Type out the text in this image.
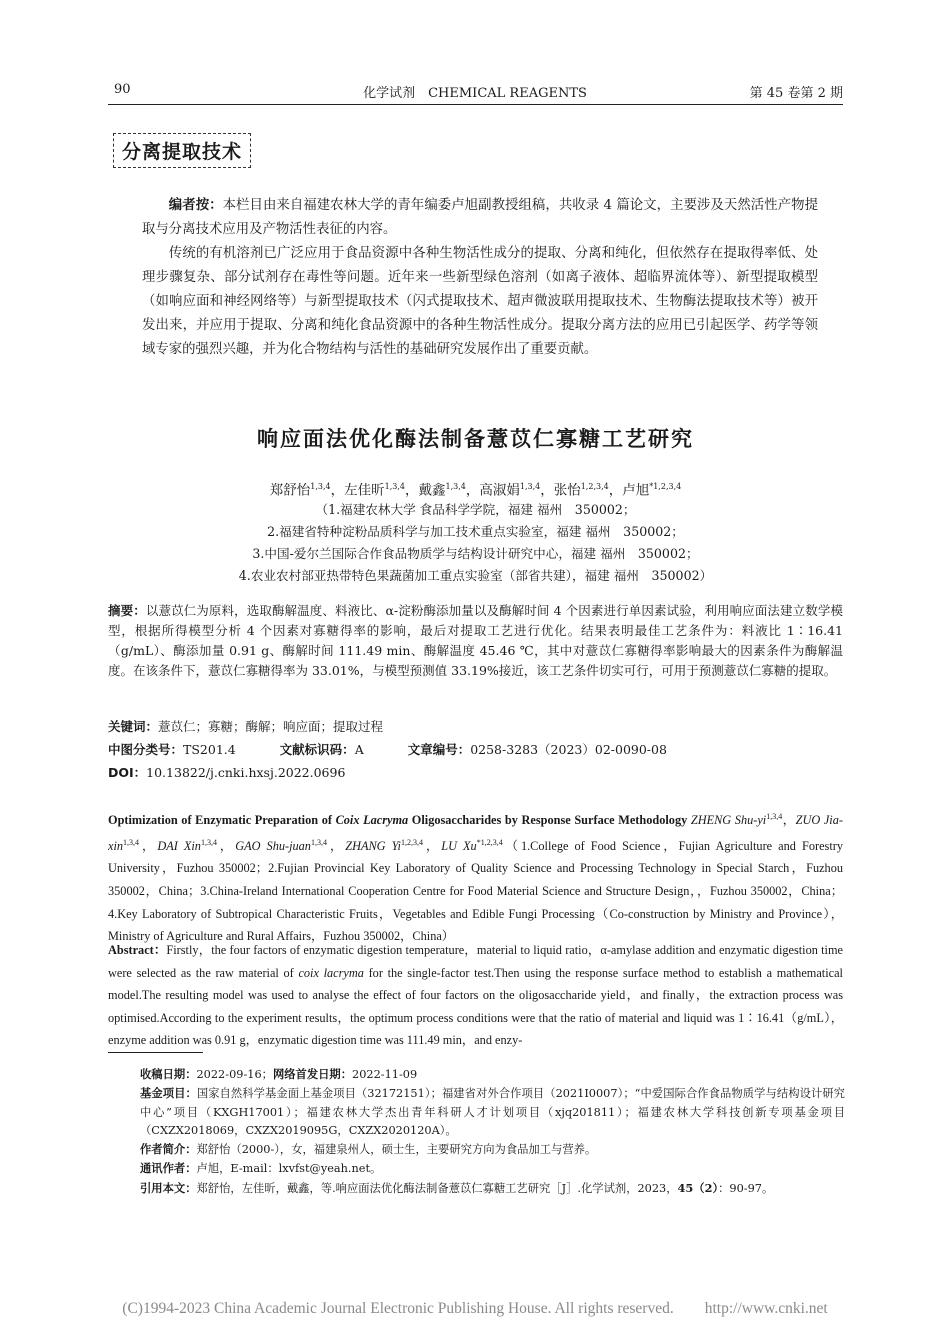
90	化学试剂　CHEMICAL REAGENTS	第 45 卷第 2 期
分离提取技术

编者按：本栏目由来自福建农林大学的青年编委卢旭副教授组稿，共收录 4 篇论文，主要涉及天然活性产物提取与分离技术应用及产物活性表征的内容。

传统的有机溶剂已广泛应用于食品资源中各种生物活性成分的提取、分离和纯化，但依然存在提取得率低、处理步骤复杂、部分试剂存在毒性等问题。近年来一些新型绿色溶剂（如离子液体、超临界流体等）、新型提取模型（如响应面和神经网络等）与新型提取技术（闪式提取技术、超声微波联用提取技术、生物酶法提取技术等）被开发出来，并应用于提取、分离和纯化食品资源中的各种生物活性成分。提取分离方法的应用已引起医学、药学等领域专家的强烈兴趣，并为化合物结构与活性的基础研究发展作出了重要贡献。

响应面法优化酶法制备薏苡仁寡糖工艺研究
郑舒怡$^{1,3,4}$，左佳昕$^{1,3,4}$，戴鑫$^{1,3,4}$，高淑娟$^{1,3,4}$，张怡$^{1,2,3,4}$，卢旭$^{*1,2,3,4}$
（1.福建农林大学 食品科学学院，福建 福州　350002；
2.福建省特种淀粉品质科学与加工技术重点实验室，福建 福州　350002；
3.中国-爱尔兰国际合作食品物质学与结构设计研究中心，福建 福州　350002；
4.农业农村部亚热带特色果蔬菌加工重点实验室（部省共建），福建 福州　350002）
摘要：以薏苡仁为原料，选取酶解温度、料液比、α-淀粉酶添加量以及酶解时间 4 个因素进行单因素试验，利用响应面法建立数学模型，根据所得模型分析 4 个因素对寡糖得率的影响，最后对提取工艺进行优化。结果表明最佳工艺条件为：料液比 1∶16.41（g/mL）、酶添加量 0.91 g、酶解时间 111.49 min、酶解温度 45.46 ℃，其中对薏苡仁寡糖得率影响最大的因素条件为酶解温度。在该条件下，薏苡仁寡糖得率为 33.01%，与模型预测值 33.19%接近，该工艺条件切实可行，可用于预测薏苡仁寡糖的提取。
关键词：薏苡仁；寡糖；酶解；响应面；提取过程
中图分类号：TS201.4	文献标识码：A	文章编号：0258-3283（2023）02-0090-08
DOI：10.13822/j.cnki.hxsj.2022.0696
Optimization of Enzymatic Preparation of Coix Lacryma Oligosaccharides by Response Surface Methodology ZHENG Shu-yi$^{1,3,4}$，ZUO Jia-xin$^{1,3,4}$，DAI Xin$^{1,3,4}$，GAO Shu-juan$^{1,3,4}$，ZHANG Yi$^{1,2,3,4}$，LU Xu$^{*1,2,3,4}$（1.College of Food Science，Fujian Agriculture and Forestry University，Fuzhou 350002；2.Fujian Provincial Key Laboratory of Quality Science and Processing Technology in Special Starch，Fuzhou 350002，China；3.China-Ireland International Cooperation Centre for Food Material Science and Structure Design，，Fuzhou 350002，China；4.Key Laboratory of Subtropical Characteristic Fruits，Vegetables and Edible Fungi Processing（Co-construction by Ministry and Province），Ministry of Agriculture and Rural Affairs，Fuzhou 350002，China）
Abstract：Firstly，the four factors of enzymatic digestion temperature，material to liquid ratio，α-amylase addition and enzymatic digestion time were selected as the raw material of coix lacryma for the single-factor test.Then using the response surface method to establish a mathematical model.The resulting model was used to analyse the effect of four factors on the oligosaccharide yield，and finally，the extraction process was optimised.According to the experiment results，the optimum process conditions were that the ratio of material and liquid was 1∶16.41（g/mL），enzyme addition was 0.91 g，enzymatic digestion time was 111.49 min，and enzy-
收稿日期：2022-09-16；网络首发日期：2022-11-09
基金项目：国家自然科学基金面上基金项目（32172151）；福建省对外合作项目（2021I0007）；“中爱国际合作食品物质学与结构设计研究中心”项目（KXGH17001）；福建农林大学杰出青年科研人才计划项目（xjq201811）；福建农林大学科技创新专项基金项目（CXZX2018069，CXZX2019095G，CXZX2020120A）。
作者简介：郑舒怡（2000-），女，福建泉州人，硕士生，主要研究方向为食品加工与营养。
通讯作者：卢旭，E-mail：lxvfst@yeah.net。
引用本文：郑舒怡，左佳昕，戴鑫，等.响应面法优化酶法制备薏苡仁寡糖工艺研究［J］.化学试剂，2023，45（2）：90-97。
(C)1994-2023 China Academic Journal Electronic Publishing House. All rights reserved.　　http://www.cnki.net
